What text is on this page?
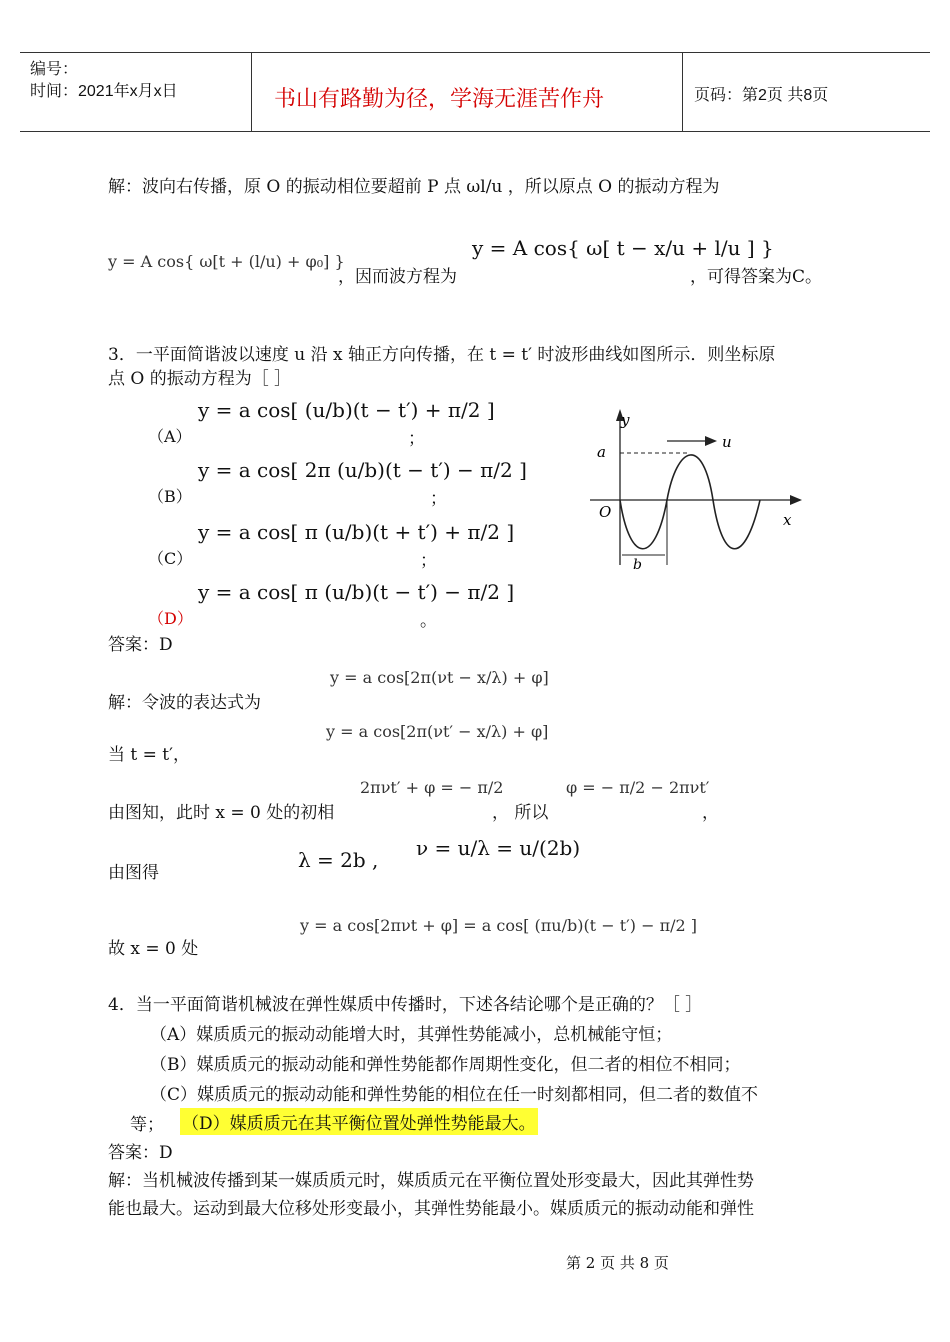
编号：
时间：2021年x月x日	书山有路勤为径，学海无涯苦作舟	页码：第2页 共8页
解：波向右传播，原 O 的振动相位要超前 P 点 ωl/u ，所以原点 O 的振动方程为
y = A cos{ ω[t + (l/u) + φ₀] }
，因而波方程为
y = A cos{ ω[ t − x/u + l/u ] }
，可得答案为C。
3．一平面简谐波以速度 u 沿 x 轴正方向传播，在 t = t′ 时波形曲线如图所示．则坐标原
点 O 的振动方程为［ ］
（A）
y = a cos[ (u/b)(t − t′) + π/2 ]
；
（B）
y = a cos[ 2π (u/b)(t − t′) − π/2 ]
；
（C）
y = a cos[ π (u/b)(t + t′) + π/2 ]
；
（D）
y = a cos[ π (u/b)(t − t′) − π/2 ]
。
答案：D
y
a
O	x
u
b
解：令波的表达式为
y = a cos[2π(νt − x/λ) + φ]
当 t = t′，
y = a cos[2π(νt′ − x/λ) + φ]
由图知，此时 x = 0 处的初相
2πνt′ + φ = − π/2
， 所以
φ = − π/2 − 2πνt′
，
由图得
λ = 2b , ν = u/λ = u/(2b)
故 x = 0 处
y = a cos[2πνt + φ] = a cos[ (πu/b)(t − t′) − π/2 ]
4．当一平面简谐机械波在弹性媒质中传播时，下述各结论哪个是正确的？［ ］
（A）媒质质元的振动动能增大时，其弹性势能减小，总机械能守恒；
（B）媒质质元的振动动能和弹性势能都作周期性变化，但二者的相位不相同；
（C）媒质质元的振动动能和弹性势能的相位在任一时刻都相同，但二者的数值不
等； （D）媒质质元在其平衡位置处弹性势能最大。
答案：D
解：当机械波传播到某一媒质质元时，媒质质元在平衡位置处形变最大，因此其弹性势
能也最大。运动到最大位移处形变最小，其弹性势能最小。媒质质元的振动动能和弹性
第 2 页 共 8 页
